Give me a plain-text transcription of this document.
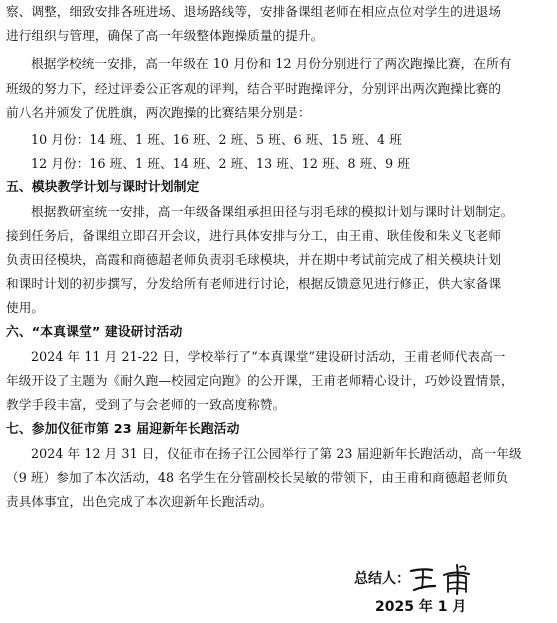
察、调整，细致安排各班进场、退场路线等，安排备课组老师在相应点位对学生的进退场
进行组织与管理，确保了高一年级整体跑操质量的提升。
根据学校统一安排，高一年级在 10 月份和 12 月份分别进行了两次跑操比赛，在所有
班级的努力下，经过评委公正客观的评判，结合平时跑操评分，分别评出两次跑操比赛的
前八名并颁发了优胜旗，两次跑操的比赛结果分别是：
10 月份：14 班、1 班、16 班、2 班、5 班、6 班、15 班、4 班
12 月份：16 班、1 班、14 班、2 班、13 班、12 班、8 班、9 班
五、模块教学计划与课时计划制定
根据教研室统一安排，高一年级备课组承担田径与羽毛球的模拟计划与课时计划制定。
接到任务后，备课组立即召开会议，进行具体安排与分工，由王甫、耿佳俊和朱义飞老师
负责田径模块，高霞和商德超老师负责羽毛球模块，并在期中考试前完成了相关模块计划
和课时计划的初步撰写，分发给所有老师进行讨论，根据反馈意见进行修正，供大家备课
使用。
六、“本真课堂” 建设研讨活动
2024 年 11 月 21-22 日，学校举行了“本真课堂”建设研讨活动，王甫老师代表高一
年级开设了主题为《耐久跑—校园定向跑》的公开课，王甫老师精心设计，巧妙设置情景，
教学手段丰富，受到了与会老师的一致高度称赞。
七、参加仪征市第 23 届迎新年长跑活动
2024 年 12 月 31 日，仪征市在扬子江公园举行了第 23 届迎新年长跑活动，高一年级
（9 班）参加了本次活动，48 名学生在分管副校长吴敏的带领下，由王甫和商德超老师负
责具体事宜，出色完成了本次迎新年长跑活动。
总结人：
2025 年 1 月
